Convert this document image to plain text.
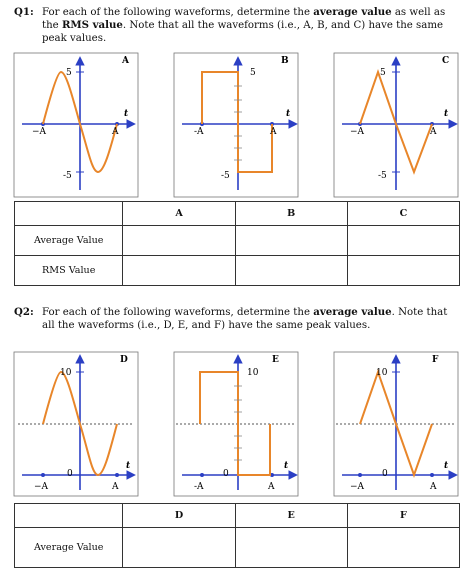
Q1: For each of the following waveforms, determine the average value as well as the RMS value. Note that all the waveforms (i.e., A, B, and C) have the same peak values.
A
5
-5
−A	A
t
B
5
-5
-A	A
t
C
5
-5
−A	A
t
D
10
0
−A	A
t
E
10
0
-A	A
t
F
10
0
−A	A
t
	A	B	C
Average Value			
RMS Value			
Q2: For each of the following waveforms, determine the average value. Note that all the waveforms (i.e., D, E, and F) have the same peak values.
	D	E	F
Average Value			
